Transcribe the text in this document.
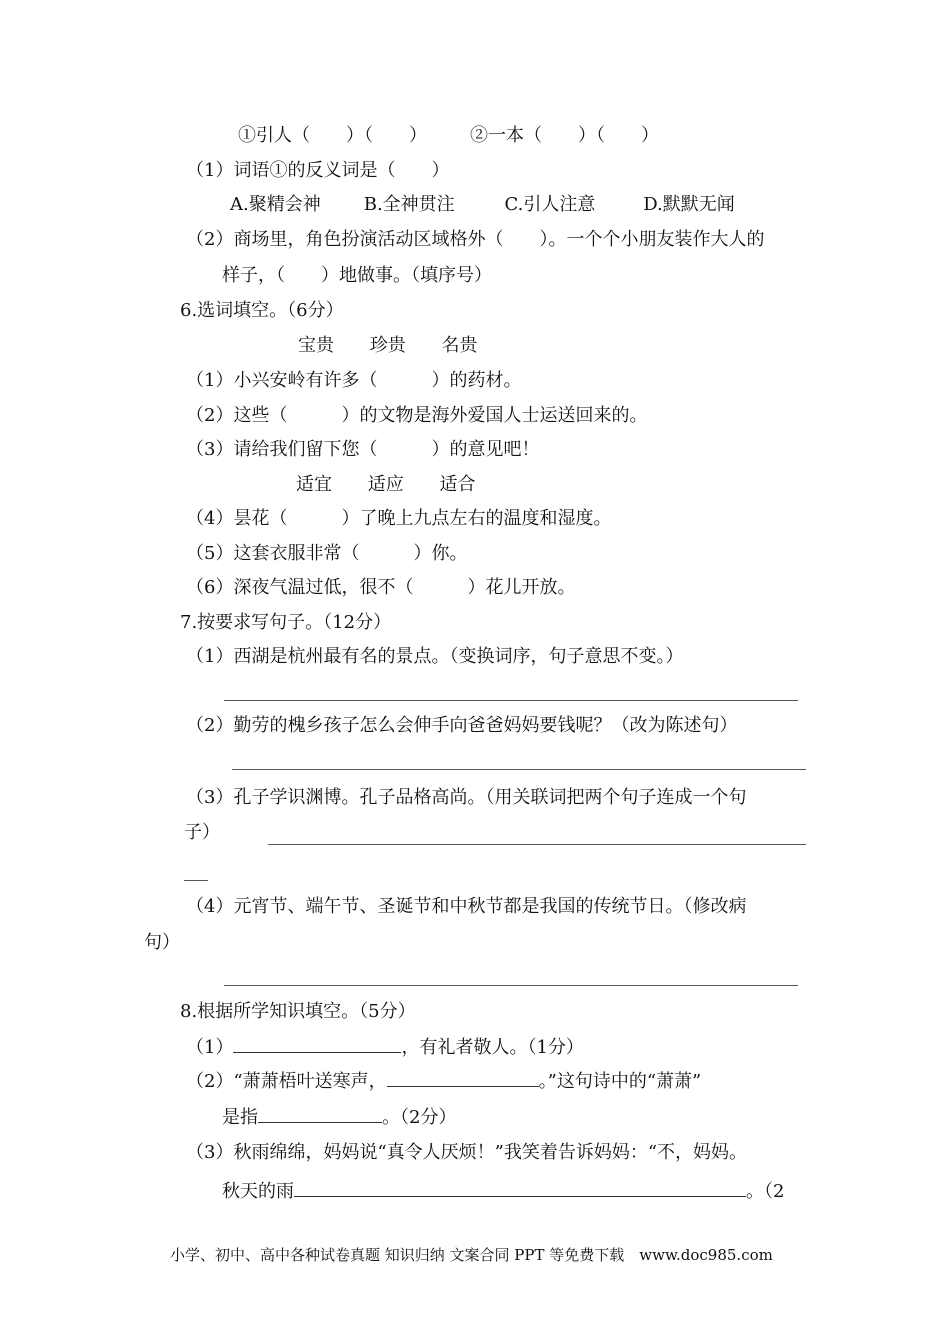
①引人（　　）（　　） ②一本（　　）（　　）
（1）词语①的反义词是（　　）
A.聚精会神 B.全神贯注	C.引人注意	D.默默无闻
（2）商场里，角色扮演活动区域格外（　　）。一个个小朋友装作大人的
样子，（　　）地做事。（填序号）
6.选词填空。（6分）
宝贵 珍贵 名贵
（1）小兴安岭有许多（　　　）的药材。
（2）这些（　　　）的文物是海外爱国人士运送回来的。
（3）请给我们留下您（　　　）的意见吧！
适宜 适应 适合
（4）昙花（　　　）了晚上九点左右的温度和湿度。
（5）这套衣服非常（　　　）你。
（6）深夜气温过低，很不（　　　）花儿开放。
7.按要求写句子。（12分）
（1）西湖是杭州最有名的景点。（变换词序，句子意思不变。）
（2）勤劳的槐乡孩子怎么会伸手向爸爸妈妈要钱呢？（改为陈述句）
（3）孔子学识渊博。孔子品格高尚。（用关联词把两个句子连成一个句
子）
（4）元宵节、端午节、圣诞节和中秋节都是我国的传统节日。（修改病
句）
8.根据所学知识填空。（5分）
（1）	，有礼者敬人。（1分）
（2）“萧萧梧叶送寒声，	。”这句诗中的“萧萧”
是指	。（2分）
（3）秋雨绵绵，妈妈说“真令人厌烦！”我笑着告诉妈妈：“不，妈妈。
秋天的雨	。（2
小学、初中、高中各种试卷真题 知识归纳 文案合同 PPT 等免费下载　www.doc985.com
